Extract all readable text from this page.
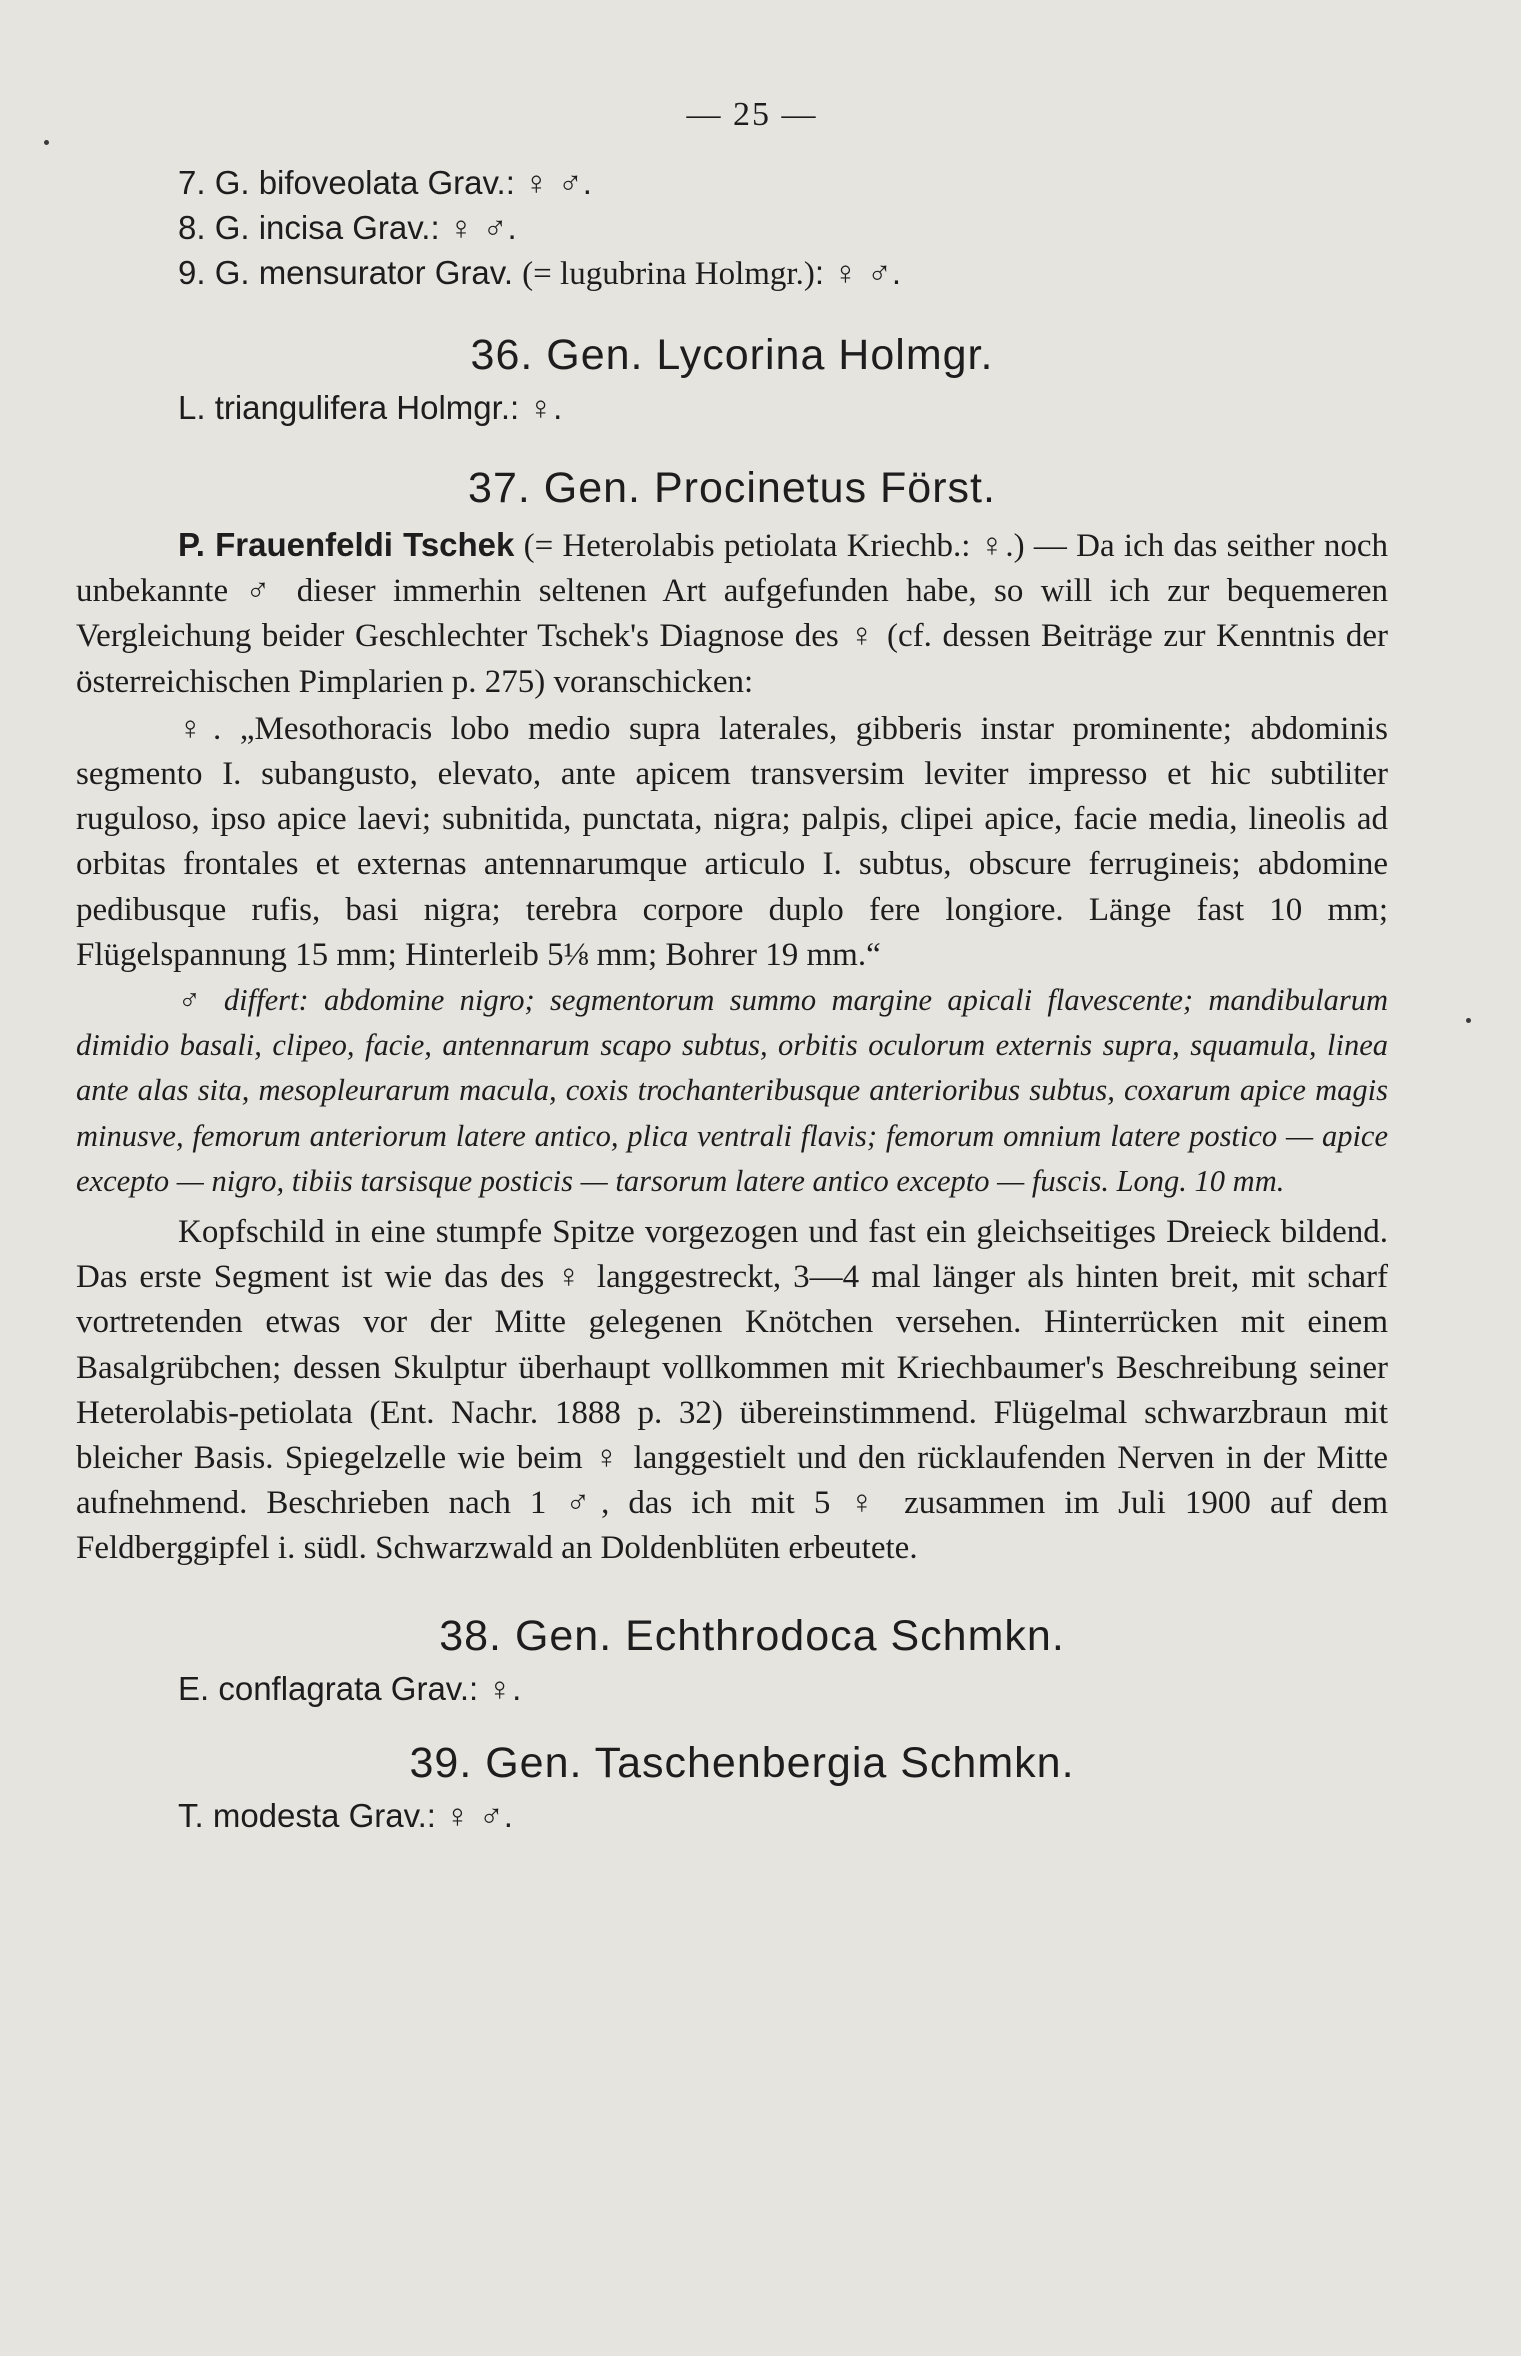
— 25 —
7. G. bifoveolata Grav.: ♀ ♂.
8. G. incisa Grav.: ♀ ♂.
9. G. mensurator Grav. (= lugubrina Holmgr.): ♀ ♂.
36. Gen. Lycorina Holmgr.
L. triangulifera Holmgr.: ♀.
37. Gen. Procinetus Först.
P. Frauenfeldi Tschek (= Heterolabis petiolata Kriechb.: ♀.) — Da ich das seither noch unbekannte ♂ dieser immerhin seltenen Art aufgefunden habe, so will ich zur bequemeren Vergleichung beider Geschlechter Tschek's Diagnose des ♀ (cf. dessen Beiträge zur Kenntnis der österreichischen Pimplarien p. 275) voranschicken:
♀. „Mesothoracis lobo medio supra laterales, gibberis instar prominente; abdominis segmento I. subangusto, elevato, ante apicem transversim leviter impresso et hic subtiliter ruguloso, ipso apice laevi; subnitida, punctata, nigra; palpis, clipei apice, facie media, lineolis ad orbitas frontales et externas antennarumque articulo I. subtus, obscure ferrugineis; abdomine pedibusque rufis, basi nigra; terebra corpore duplo fere longiore. Länge fast 10 mm; Flügelspannung 15 mm; Hinterleib 5⅛ mm; Bohrer 19 mm.“
♂ differt: abdomine nigro; segmentorum summo margine apicali flavescente; mandibularum dimidio basali, clipeo, facie, antennarum scapo subtus, orbitis oculorum externis supra, squamula, linea ante alas sita, mesopleurarum macula, coxis trochanteribusque anterioribus subtus, coxarum apice magis minusve, femorum anteriorum latere antico, plica ventrali flavis; femorum omnium latere postico — apice excepto — nigro, tibiis tarsisque posticis — tarsorum latere antico excepto — fuscis. Long. 10 mm.
Kopfschild in eine stumpfe Spitze vorgezogen und fast ein gleichseitiges Dreieck bildend. Das erste Segment ist wie das des ♀ langgestreckt, 3—4 mal länger als hinten breit, mit scharf vortretenden etwas vor der Mitte gelegenen Knötchen versehen. Hinterrücken mit einem Basalgrübchen; dessen Skulptur überhaupt vollkommen mit Kriechbaumer's Beschreibung seiner Heterolabis-petiolata (Ent. Nachr. 1888 p. 32) übereinstimmend. Flügelmal schwarzbraun mit bleicher Basis. Spiegelzelle wie beim ♀ langgestielt und den rücklaufenden Nerven in der Mitte aufnehmend. Beschrieben nach 1 ♂, das ich mit 5 ♀ zusammen im Juli 1900 auf dem Feldberggipfel i. südl. Schwarzwald an Doldenblüten erbeutete.
38. Gen. Echthrodoca Schmkn.
E. conflagrata Grav.: ♀.
39. Gen. Taschenbergia Schmkn.
T. modesta Grav.: ♀ ♂.
